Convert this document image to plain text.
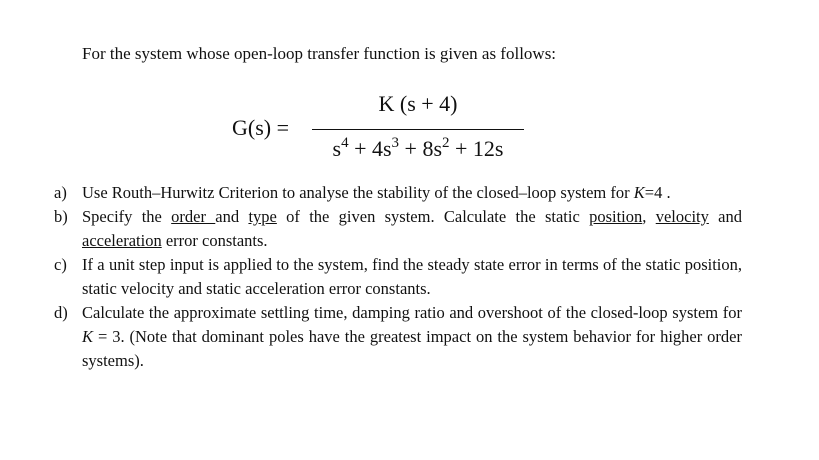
For the system whose open-loop transfer function is given as follows:
G(s) =
K (s + 4)
$s^4 + 4s^3 + 8s^2 + 12s$
a) Use Routh–Hurwitz Criterion to analyse the stability of the closed–loop system for K=4 .
b) Specify the order and type of the given system. Calculate the static position, velocity and acceleration error constants.
c) If a unit step input is applied to the system, find the steady state error in terms of the static position, static velocity and static acceleration error constants.
d) Calculate the approximate settling time, damping ratio and overshoot of the closed-loop system for K = 3. (Note that dominant poles have the greatest impact on the system behavior for higher order systems).
